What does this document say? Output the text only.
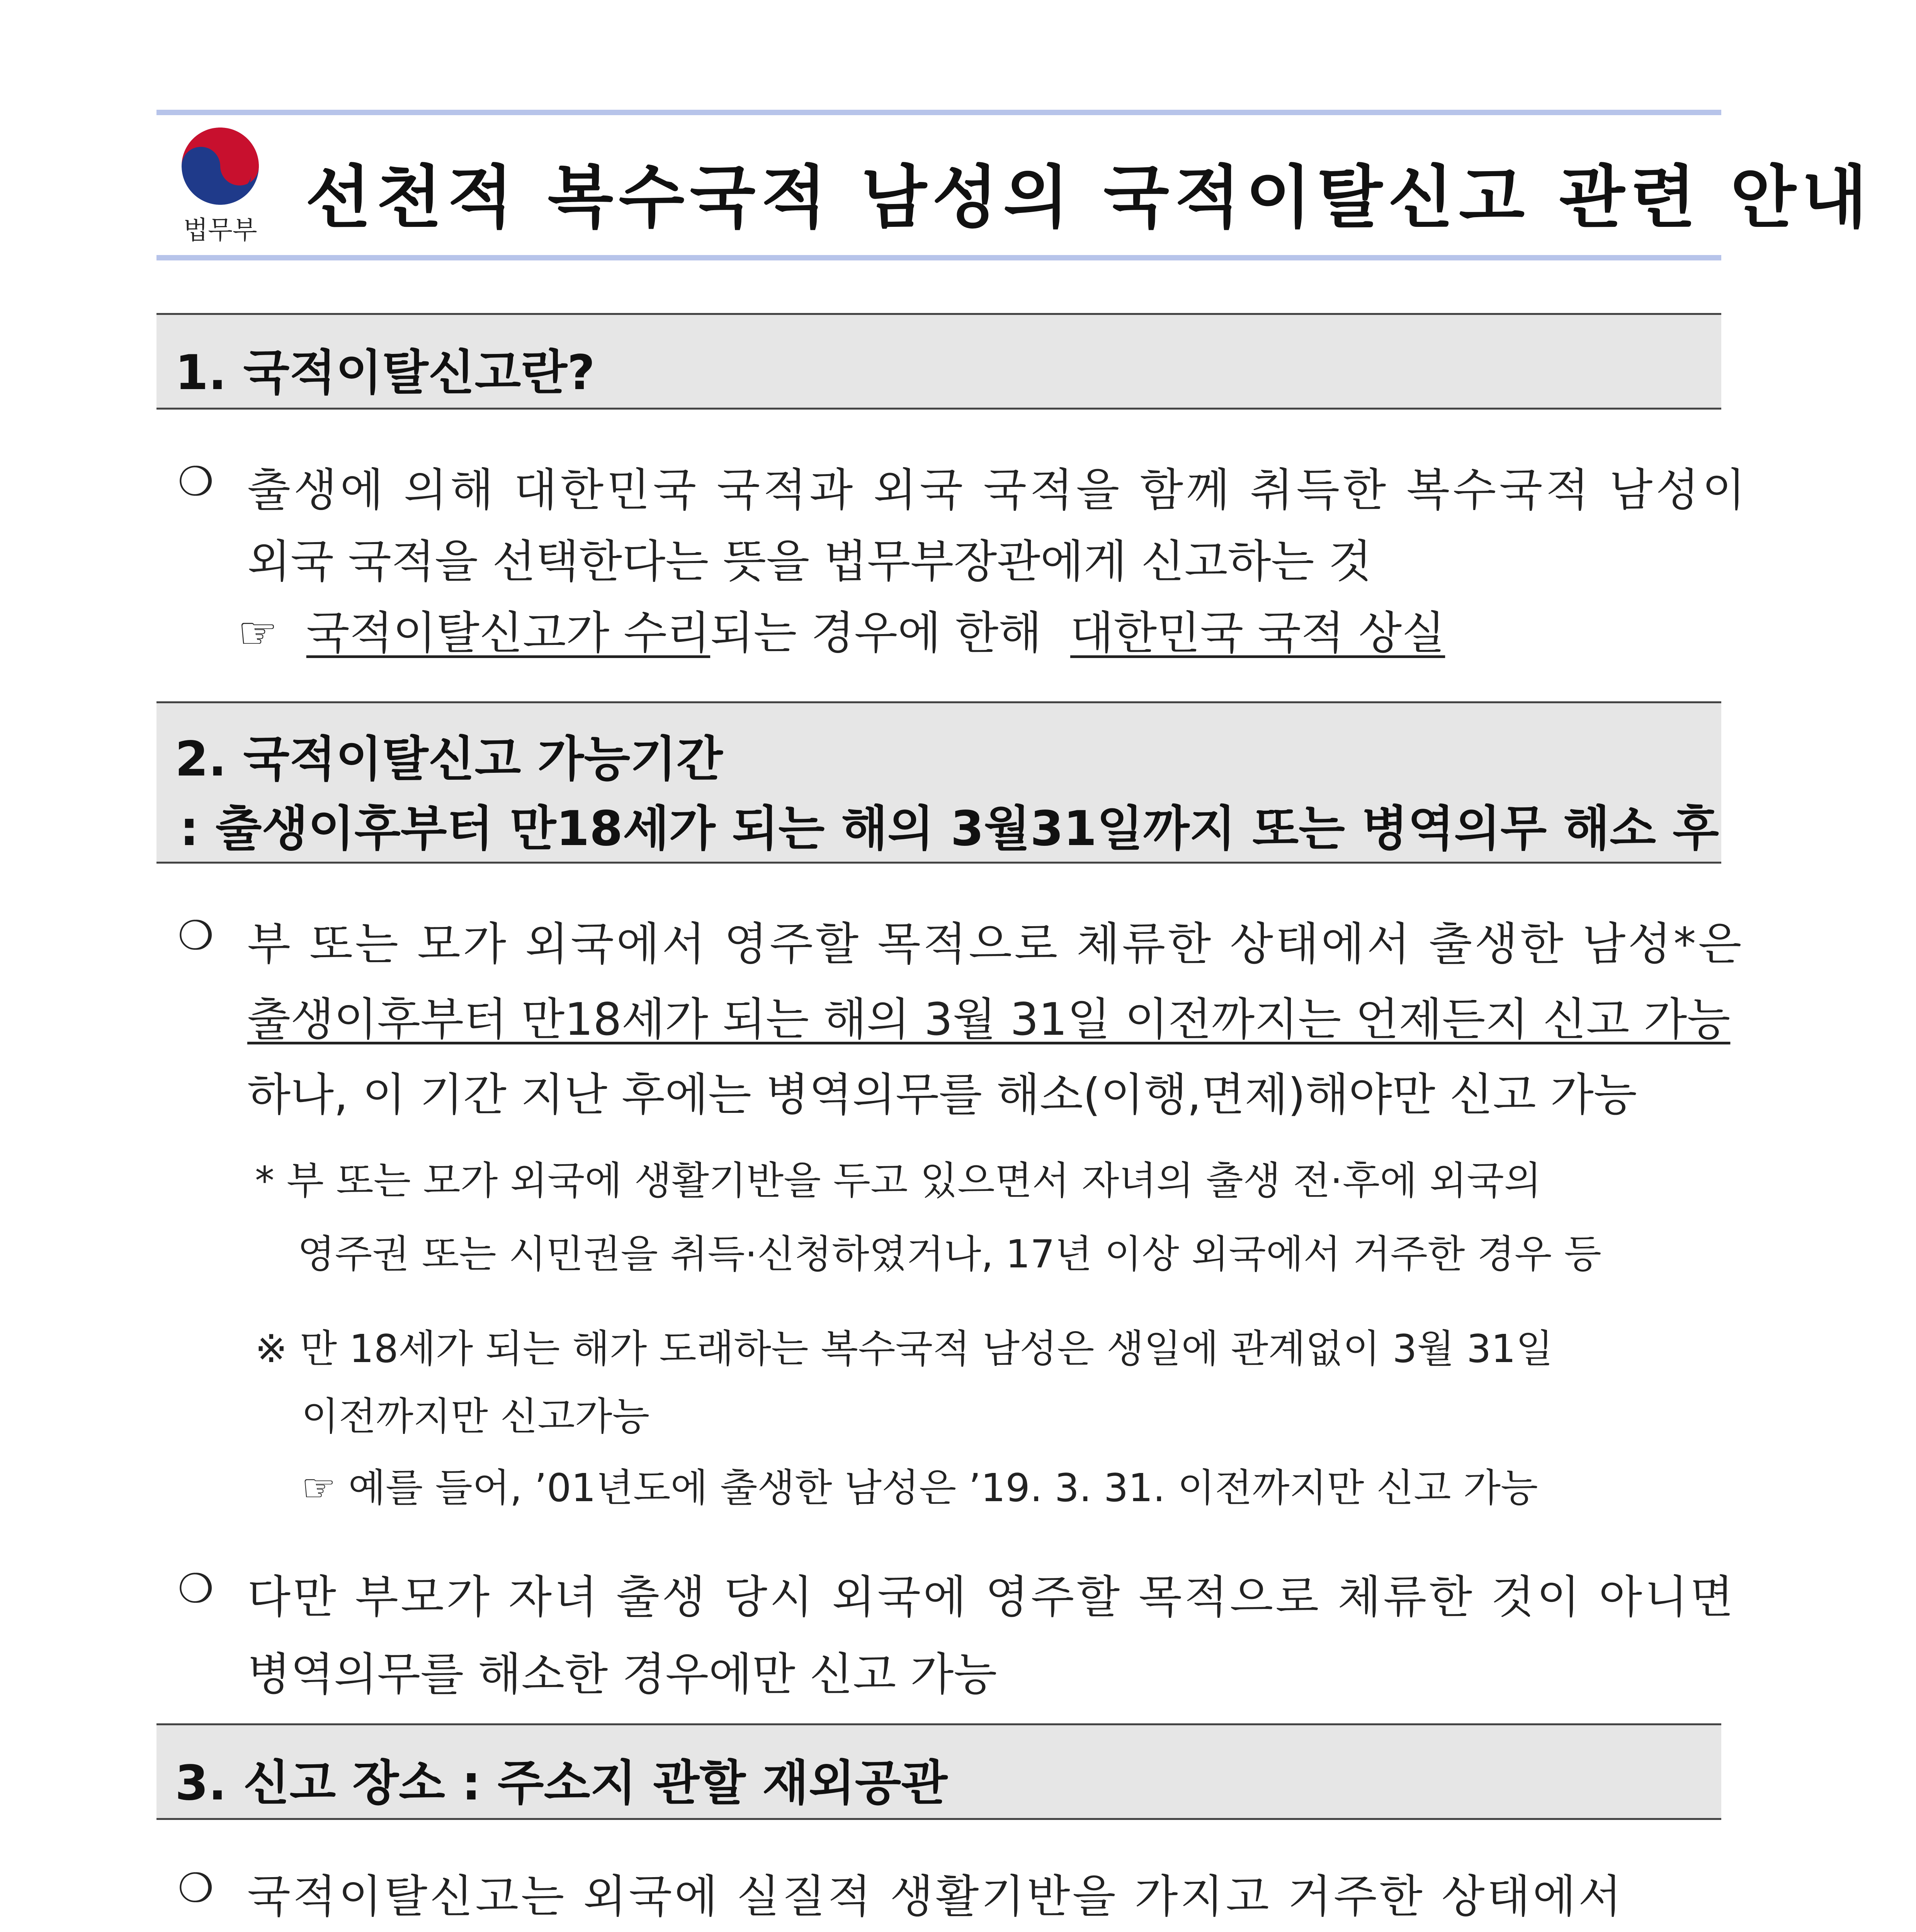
법무부 선천적 복수국적 남성의 국적이탈신고 관련 안내
1. 국적이탈신고란?
❍ 출생에 의해 대한민국 국적과 외국 국적을 함께 취득한 복수국적 남성이
외국 국적을 선택한다는 뜻을 법무부장관에게 신고하는 것
☞ 국적이탈신고가 수리되는 경우에 한해 대한민국 국적 상실
2. 국적이탈신고 가능기간
: 출생이후부터 만18세가 되는 해의 3월31일까지 또는 병역의무 해소 후
❍ 부 또는 모가 외국에서 영주할 목적으로 체류한 상태에서 출생한 남성*은
출생이후부터 만18세가 되는 해의 3월 31일 이전까지는 언제든지 신고 가능
하나, 이 기간 지난 후에는 병역의무를 해소(이행,면제)해야만 신고 가능
* 부 또는 모가 외국에 생활기반을 두고 있으면서 자녀의 출생 전·후에 외국의
영주권 또는 시민권을 취득·신청하였거나, 17년 이상 외국에서 거주한 경우 등
※ 만 18세가 되는 해가 도래하는 복수국적 남성은 생일에 관계없이 3월 31일
이전까지만 신고가능
☞ 예를 들어, ’01년도에 출생한 남성은 ’19. 3. 31. 이전까지만 신고 가능
❍ 다만 부모가 자녀 출생 당시 외국에 영주할 목적으로 체류한 것이 아니면
병역의무를 해소한 경우에만 신고 가능
3. 신고 장소 : 주소지 관할 재외공관
❍ 국적이탈신고는 외국에 실질적 생활기반을 가지고 거주한 상태에서
